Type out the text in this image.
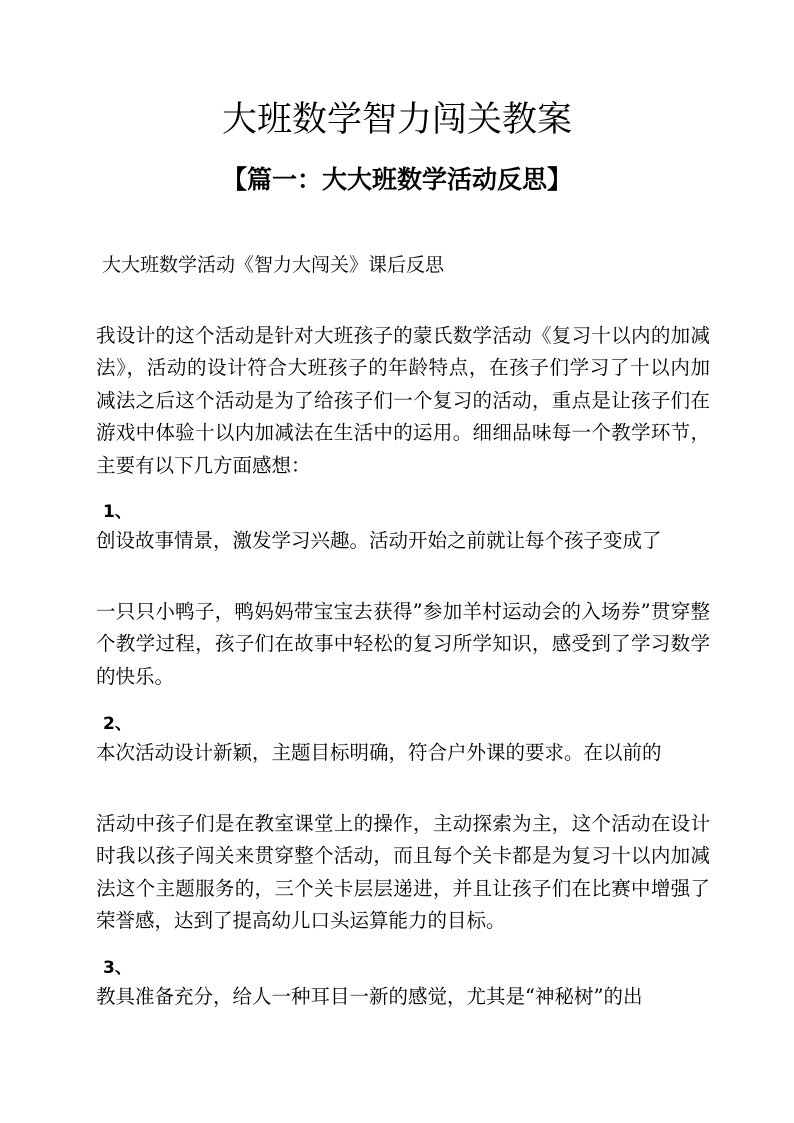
大班数学智力闯关教案
【篇一：大大班数学活动反思】

大大班数学活动《智力大闯关》课后反思

我设计的这个活动是针对大班孩子的蒙氏数学活动《复习十以内的加减法》，活动的设计符合大班孩子的年龄特点，在孩子们学习了十以内加减法之后这个活动是为了给孩子们一个复习的活动，重点是让孩子们在游戏中体验十以内加减法在生活中的运用。细细品味每一个教学环节，主要有以下几方面感想：

1、

创设故事情景，激发学习兴趣。活动开始之前就让每个孩子变成了

一只只小鸭子，鸭妈妈带宝宝去获得”参加羊村运动会的入场券”贯穿整个教学过程，孩子们在故事中轻松的复习所学知识，感受到了学习数学的快乐。

2、

本次活动设计新颖，主题目标明确，符合户外课的要求。在以前的

活动中孩子们是在教室课堂上的操作，主动探索为主，这个活动在设计时我以孩子闯关来贯穿整个活动，而且每个关卡都是为复习十以内加减法这个主题服务的，三个关卡层层递进，并且让孩子们在比赛中增强了荣誉感，达到了提高幼儿口头运算能力的目标。

3、

教具准备充分，给人一种耳目一新的感觉，尤其是“神秘树”的出
